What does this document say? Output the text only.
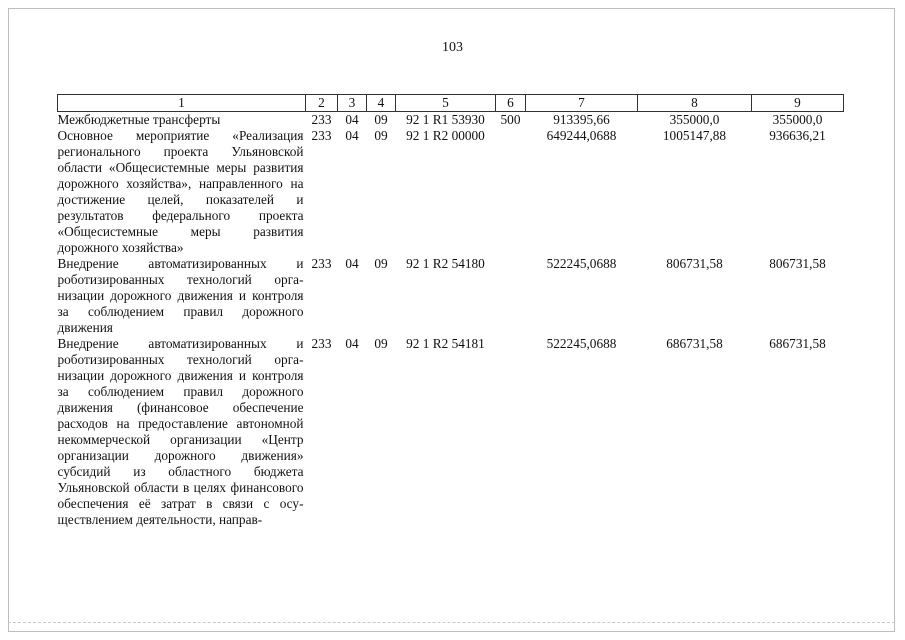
103
1	2	3	4	5	6	7	8	9
Межбюджетные трансферты	233	04	09	92 1 R1 53930	500	913395,66	355000,0	355000,0
Основное мероприятие «Реализация регионального проекта Ульяновской области «Общесистемные меры развития дорожного хозяйства», направленного на достижение целей, показателей и результатов федерального проекта «Общесистемные меры развития дорожного хозяйства»	233	04	09	92 1 R2 00000		649244,0688	1005147,88	936636,21
Внедрение автоматизированных и роботизированных технологий организации дорожного движения и контроля за соблюдением правил дорожного движения	233	04	09	92 1 R2 54180		522245,0688	806731,58	806731,58
Внедрение автоматизированных и роботизированных технологий организации дорожного движения и контроля за соблюдением правил дорожного движения (финансовое обеспечение расходов на предоставление автономной некоммерческой организации «Центр организации дорожного движения» субсидий из областного бюджета Ульяновской области в целях финансового обеспечения её затрат в связи с осуществлением деятельности, направ-	233	04	09	92 1 R2 54181		522245,0688	686731,58	686731,58
